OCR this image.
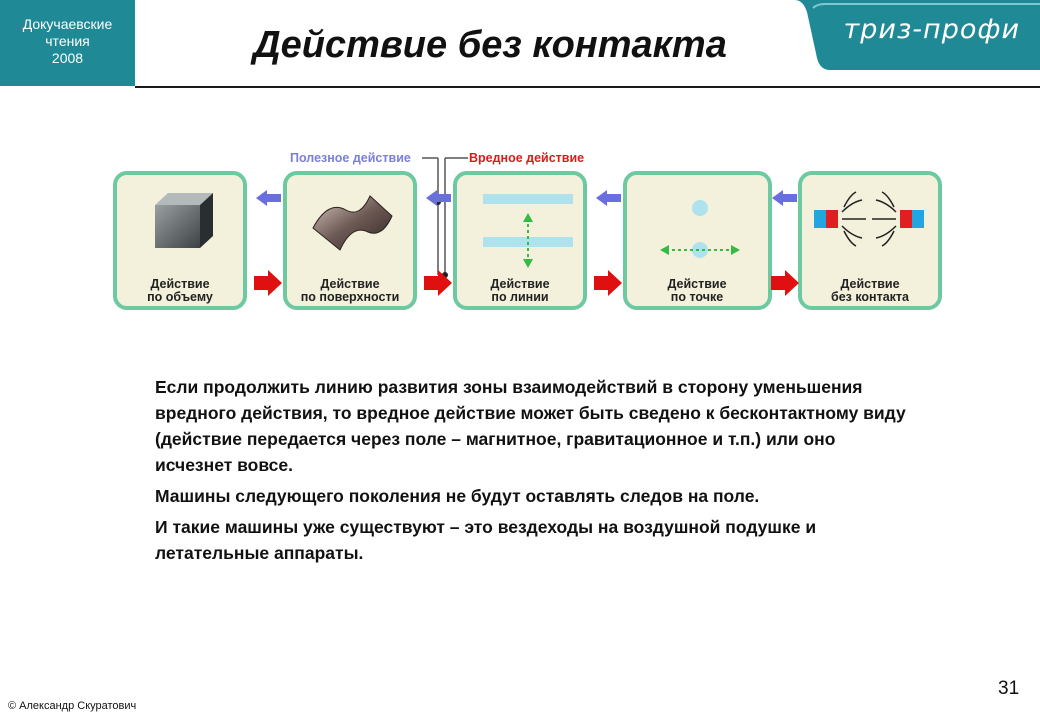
Докучаевские
чтения
2008	Действие без контакта	триз-профи
Полезное действие	Вредное действие
Действие
по объему
Действие
по поверхности
Действие
по линии
Действие
по точке
Действие
без контакта

Если продолжить линию развития зоны взаимодействий в сторону уменьшения вредного действия, то вредное действие может быть сведено к бесконтактному виду (действие передается через поле – магнитное, гравитационное и т.п.) или оно исчезнет вовсе.

Машины следующего поколения не будут оставлять следов на поле.

И такие машины уже существуют – это вездеходы на воздушной подушке и летательные аппараты.

31
© Александр Скуратович
